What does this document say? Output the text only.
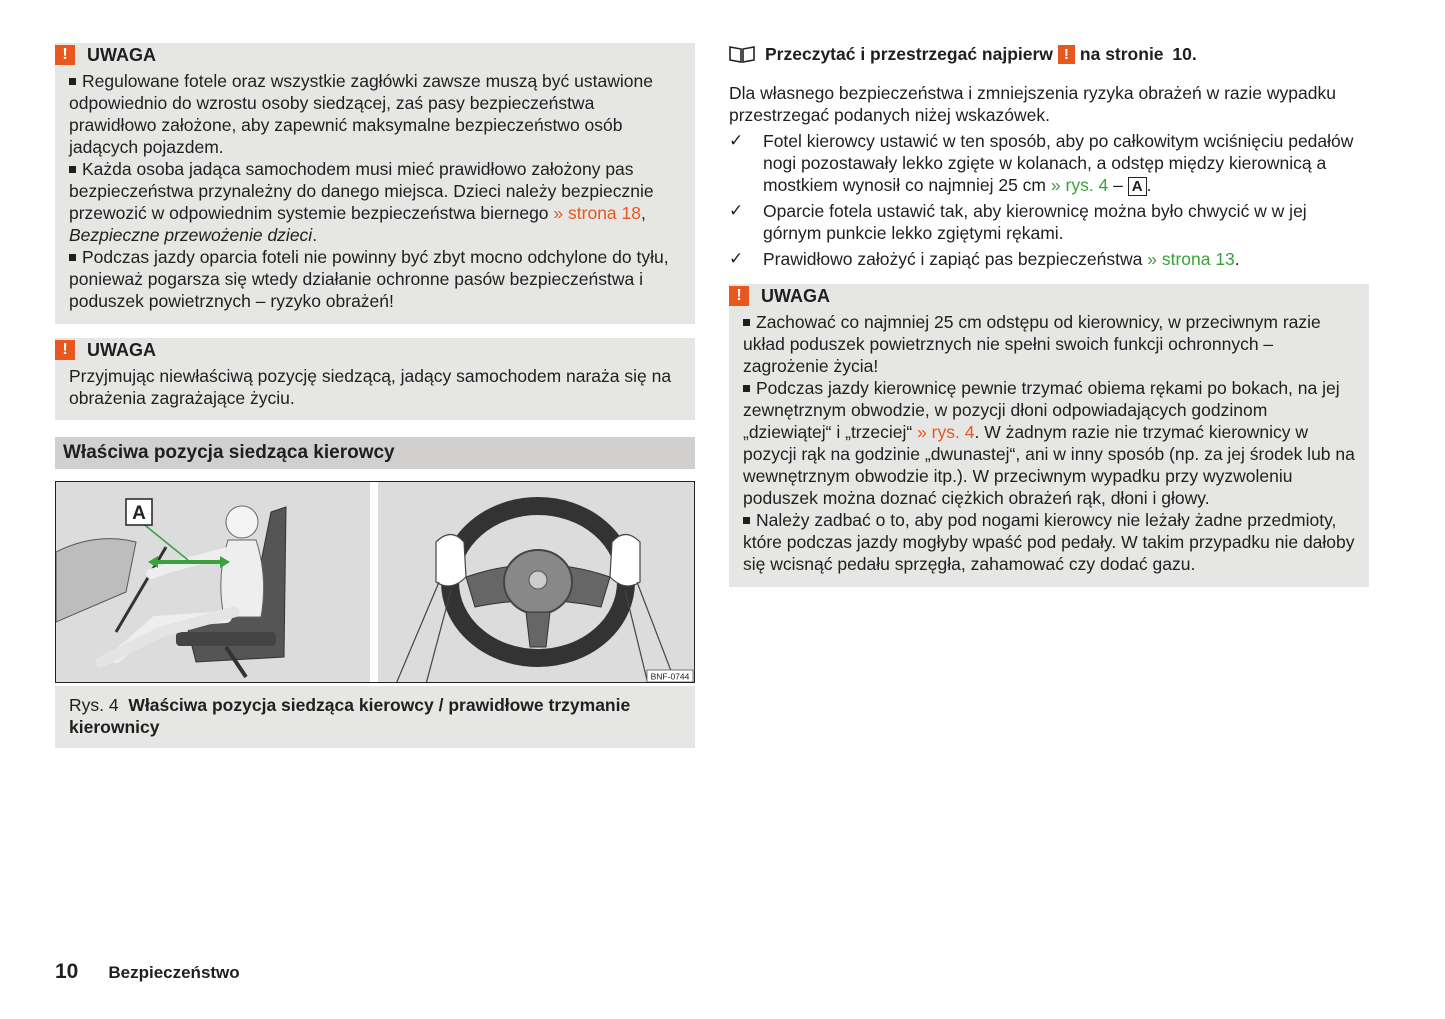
!	UWAGA

Regulowane fotele oraz wszystkie zagłówki zawsze muszą być ustawione odpowiednio do wzrostu osoby siedzącej, zaś pasy bezpieczeństwa prawidłowo założone, aby zapewnić maksymalne bezpieczeństwo osób jadących pojazdem.

Każda osoba jadąca samochodem musi mieć prawidłowo założony pas bezpieczeństwa przynależny do danego miejsca. Dzieci należy bezpiecznie przewozić w odpowiednim systemie bezpieczeństwa biernego » strona 18, Bezpieczne przewożenie dzieci.

Podczas jazdy oparcia foteli nie powinny być zbyt mocno odchylone do tyłu, ponieważ pogarsza się wtedy działanie ochronne pasów bezpieczeństwa i poduszek powietrznych – ryzyko obrażeń!

!	UWAGA

Przyjmując niewłaściwą pozycję siedzącą, jadący samochodem naraża się na obrażenia zagrażające życiu.

Właściwa pozycja siedząca kierowcy
A
BNF-0744
Rys. 4 Właściwa pozycja siedząca kierowcy / prawidłowe trzymanie kierownicy
Przeczytać i przestrzegać najpierw ! na stronie
10.

Dla własnego bezpieczeństwa i zmniejszenia ryzyka obrażeń w razie wypadku przestrzegać podanych niżej wskazówek.

✓	Fotel kierowcy ustawić w ten sposób, aby po całkowitym wciśnięciu pedałów nogi pozostawały lekko zgięte w kolanach, a odstęp między kierownicą a mostkiem wynosił co najmniej 25 cm » rys. 4 – A .
✓	Oparcie fotela ustawić tak, aby kierownicę można było chwycić w w jej górnym punkcie lekko zgiętymi rękami.
✓	Prawidłowo założyć i zapiąć pas bezpieczeństwa » strona 13.
!	UWAGA

Zachować co najmniej 25 cm odstępu od kierownicy, w przeciwnym razie układ poduszek powietrznych nie spełni swoich funkcji ochronnych – zagrożenie życia!

Podczas jazdy kierownicę pewnie trzymać obiema rękami po bokach, na jej zewnętrznym obwodzie, w pozycji dłoni odpowiadających godzinom „dziewiątej“ i „trzeciej“ » rys. 4. W żadnym razie nie trzymać kierownicy w pozycji rąk na godzinie „dwunastej“, ani w inny sposób (np. za jej środek lub na wewnętrznym obwodzie itp.). W przeciwnym wypadku przy wyzwoleniu poduszek można doznać ciężkich obrażeń rąk, dłoni i głowy.

Należy zadbać o to, aby pod nogami kierowcy nie leżały żadne przedmioty, które podczas jazdy mogłyby wpaść pod pedały. W takim przypadku nie dałoby się wcisnąć pedału sprzęgła, zahamować czy dodać gazu.

10 Bezpieczeństwo
